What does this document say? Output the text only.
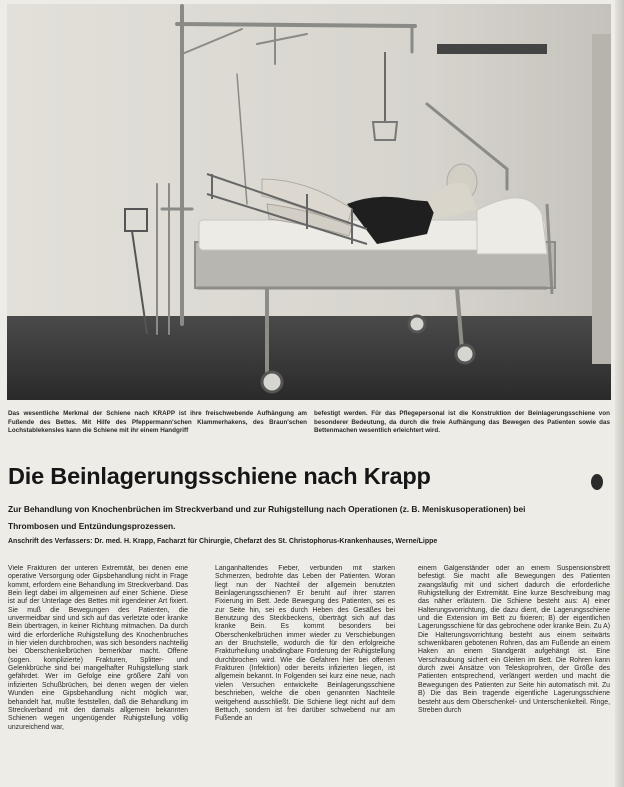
Das wesentliche Merkmal der Schiene nach KRAPP ist ihre freischwebende Aufhängung am Fußende des Bettes. Mit Hilfe des Pfeppermann'schen Klammerhakens, des Braun'schen Lochstablekensles kann die Schiene mit ihr einem Handgriff

befestigt werden. Für das Pflegepersonal ist die Konstruktion der Beinlagerungsschiene von besonderer Bedeutung, da durch die freie Aufhängung das Bewegen des Patienten sowie das Bettenmachen wesentlich erleichtert wird.

Die Beinlagerungsschiene nach Krapp

Zur Behandlung von Knochenbrüchen im Streckverband und zur Ruhigstellung nach Operationen (z. B. Meniskusoperationen) bei Thrombosen und Entzündungsprozessen.

Anschrift des Verfassers: Dr. med. H. Krapp, Facharzt für Chirurgie, Chefarzt des St. Christophorus-Krankenhauses, Werne/Lippe

Viele Frakturen der unteren Extremität, bei denen eine operative Versorgung oder Gipsbehandlung nicht in Frage kommt, erfordern eine Behandlung im Streckverband. Das Bein liegt dabei im allgemeinen auf einer Schiene. Diese ist auf der Unterlage des Bettes mit irgendeiner Art fixiert. Sie muß die Bewegungen des Patienten, die unvermeidbar sind und sich auf das verletzte oder kranke Bein übertragen, in keiner Richtung mitmachen. Da durch wird die erforderliche Ruhigstellung des Knochenbruches in hier vielen durchbrochen, was sich besonders nachteilig bei Oberschenkelbrüchen bemerkbar macht. Offene (sogen. komplizierte) Frakturen, Splitter- und Gelenkbrüche sind bei mangelhafter Ruhigstellung stark gefährdet. Wer im Gefolge eine größere Zahl von infizierten Schußbrüchen, bei denen wegen der vielen Wunden eine Gipsbehandlung nicht möglich war, behandelt hat, mußte feststellen, daß die Behandlung im Streckverband mit den damals allgemein bekannten Schienen wegen ungenügender Ruhigstellung völlig unzureichend war,

Langanhaltendes Fieber, verbunden mit starken Schmerzen, bedrohte das Leben der Patienten. Woran liegt nun der Nachteil der allgemein benutzten Beinlagerungsschienen? Er beruht auf ihrer starren Fixierung im Bett. Jede Bewegung des Patienten, sei es zur Seite hin, sei es durch Heben des Gesäßes bei Benutzung des Steckbeckens, überträgt sich auf das kranke Bein. Es kommt besonders bei Oberschenkelbrüchen immer wieder zu Verschiebungen an der Bruchstelle, wodurch die für den erfolgreiche Frakturheilung unabdingbare Forderung der Ruhigstellung durchbrochen wird. Wie die Gefahren hier bei offenen Frakturen (Infektion) oder bereits infizierten liegen, ist allgemein bekannt. In Folgenden sei kurz eine neue, nach vielen Versuchen entwickelte Beinlagerungsschiene beschrieben, welche die oben genannten Nachteile weitgehend ausschließt. Die Schiene liegt nicht auf dem Bettuch, sondern ist frei darüber schwebend nur am Fußende an

einem Galgenständer oder an einem Suspensionsbrett befestigt. Sie macht alle Bewegungen des Patienten zwangsläufig mit und sichert dadurch die erforderliche Ruhigstellung der Extremität. Eine kurze Beschreibung mag das näher erläutern. Die Schiene besteht aus: A) einer Halterungsvorrichtung, die dazu dient, die Lagerungsschiene und die Extension im Bett zu fixieren; B) der eigentlichen Lagerungsschiene für das gebrochene oder kranke Bein. Zu A) Die Halterungsvorrichtung besteht aus einem seitwärts schwenkbaren gebotenen Rohren, das am Fußende an einem Haken an einem Standgerät aufgehängt ist. Eine Verschraubung sichert ein Gleiten im Bett. Die Rohren kann durch zwei Ansätze von Teleskoprohren, der Größe des Patienten entsprechend, verlängert werden und macht die Bewegungen des Patienten zur Seite hin automatisch mit. Zu B) Die das Bein tragende eigentliche Lagerungsschiene besteht aus dem Oberschenkel- und Unterschenkelteil. Ringe, Streben durch
